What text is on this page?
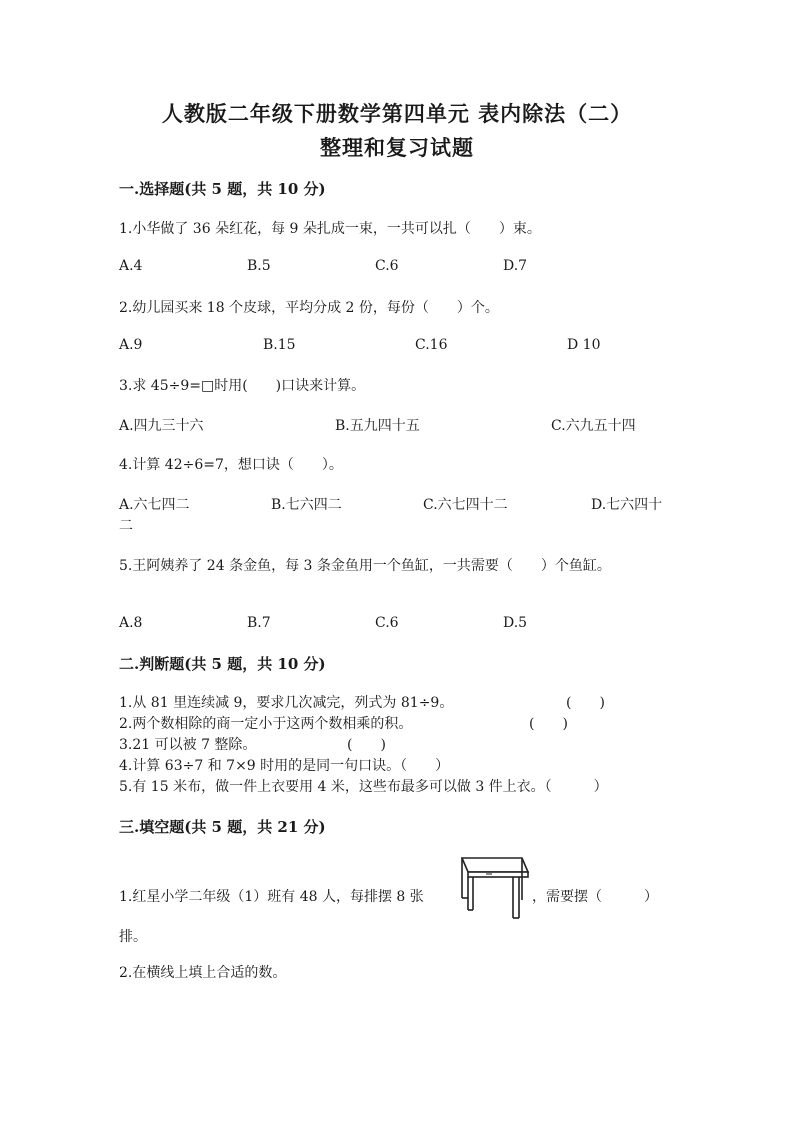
人教版二年级下册数学第四单元 表内除法（二）
整理和复习试题
一.选择题(共 5 题，共 10 分)
1.小华做了 36 朵红花，每 9 朵扎成一束，一共可以扎（　　）束。
A.4	B.5	C.6	D.7
2.幼儿园买来 18 个皮球，平均分成 2 份，每份（　　）个。
A.9	B.15	C.16	D 10
3.求 45÷9=□时用(　　)口诀来计算。
A.四九三十六	B.五九四十五	C.六九五十四
4.计算 42÷6=7，想口诀（　　）。
A.六七四二	B.七六四二	C.六七四十二	D.七六四十
二
5.王阿姨养了 24 条金鱼，每 3 条金鱼用一个鱼缸，一共需要（　　）个鱼缸。
A.8	B.7	C.6	D.5
二.判断题(共 5 题，共 10 分)
1.从 81 里连续减 9，要求几次减完，列式为 81÷9。	(　　)
2.两个数相除的商一定小于这两个数相乘的积。	(　　)
3.21 可以被 7 整除。	(　　)
4.计算 63÷7 和 7×9 时用的是同一句口诀。（　　）
5.有 15 米布，做一件上衣要用 4 米，这些布最多可以做 3 件上衣。（　　　）
三.填空题(共 5 题，共 21 分)
1.红星小学二年级（1）班有 48 人，每排摆 8 张	，需要摆（　　　）
排。
2.在横线上填上合适的数。
